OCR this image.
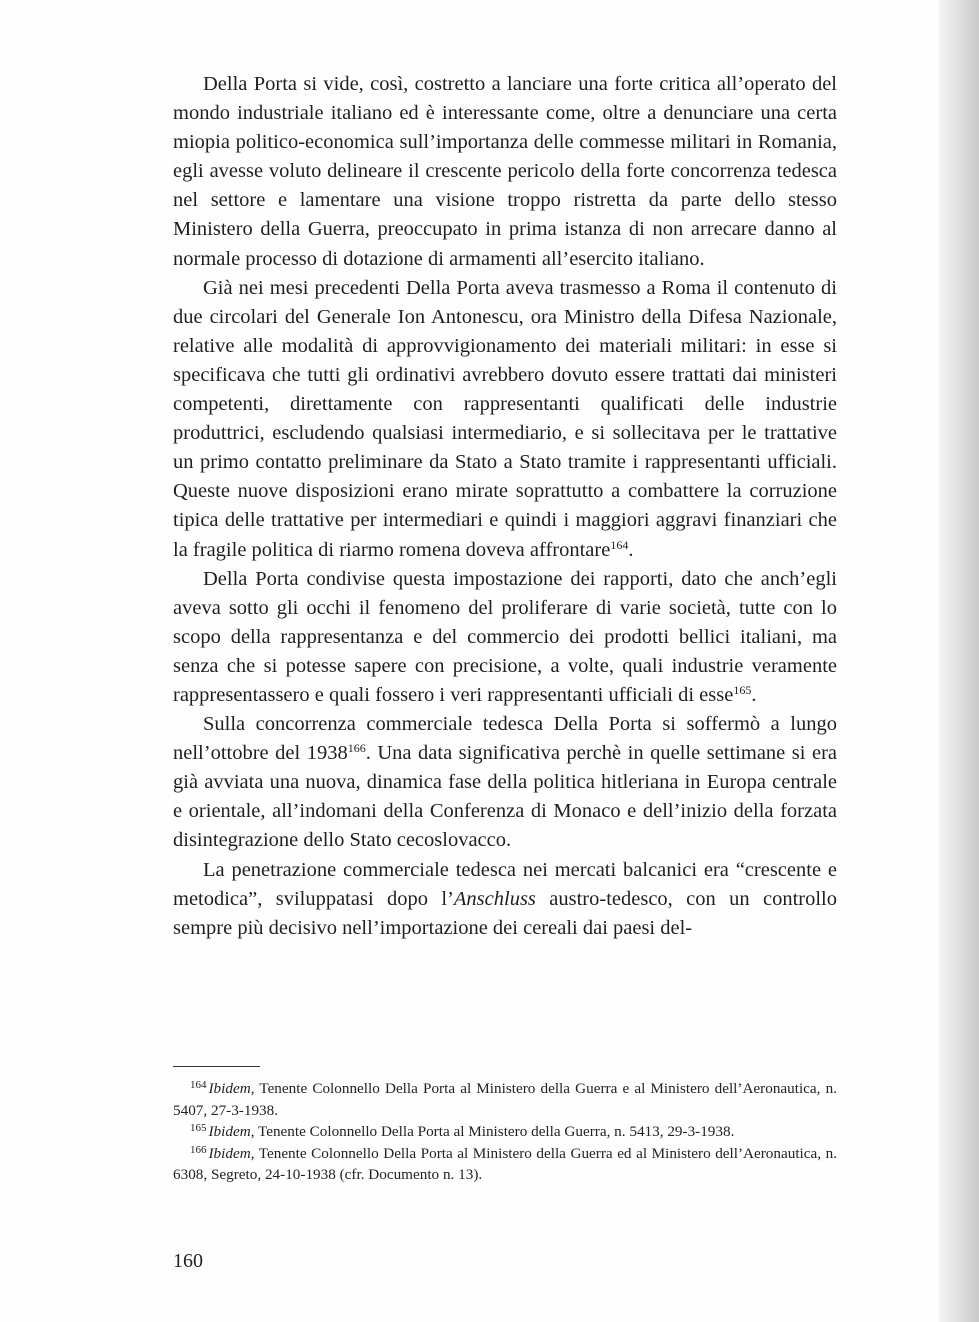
Della Porta si vide, così, costretto a lanciare una forte critica all’operato del mondo industriale italiano ed è interessante come, oltre a denunciare una certa miopia politico-economica sull’importanza delle commesse militari in Romania, egli avesse voluto delineare il crescente pericolo della forte concorrenza tedesca nel settore e lamentare una visione troppo ristretta da parte dello stesso Ministero della Guerra, preoccupato in prima istanza di non arrecare danno al normale processo di dotazione di armamenti all’esercito italiano.

Già nei mesi precedenti Della Porta aveva trasmesso a Roma il contenuto di due circolari del Generale Ion Antonescu, ora Ministro della Difesa Nazionale, relative alle modalità di approvvigionamento dei materiali militari: in esse si specificava che tutti gli ordinativi avrebbero dovuto essere trattati dai ministeri competenti, direttamente con rappresentanti qualificati delle industrie produttrici, escludendo qualsiasi intermediario, e si sollecitava per le trattative un primo contatto preliminare da Stato a Stato tramite i rappresentanti ufficiali. Queste nuove disposizioni erano mirate soprattutto a combattere la corruzione tipica delle trattative per intermediari e quindi i maggiori aggravi finanziari che la fragile politica di riarmo romena doveva affrontare$^{164}$.

Della Porta condivise questa impostazione dei rapporti, dato che anch’egli aveva sotto gli occhi il fenomeno del proliferare di varie società, tutte con lo scopo della rappresentanza e del commercio dei prodotti bellici italiani, ma senza che si potesse sapere con precisione, a volte, quali industrie veramente rappresentassero e quali fossero i veri rappresentanti ufficiali di esse$^{165}$.

Sulla concorrenza commerciale tedesca Della Porta si soffermò a lungo nell’ottobre del 1938$^{166}$. Una data significativa perchè in quelle settimane si era già avviata una nuova, dinamica fase della politica hitleriana in Europa centrale e orientale, all’indomani della Conferenza di Monaco e dell’inizio della forzata disintegrazione dello Stato cecoslovacco.

La penetrazione commerciale tedesca nei mercati balcanici era “crescente e metodica”, sviluppatasi dopo l’Anschluss austro-tedesco, con un controllo sempre più decisivo nell’importazione dei cereali dai paesi del-

$^{164}$ Ibidem, Tenente Colonnello Della Porta al Ministero della Guerra e al Ministero dell’Aeronautica, n. 5407, 27-3-1938.

$^{165}$ Ibidem, Tenente Colonnello Della Porta al Ministero della Guerra, n. 5413, 29-3-1938.

$^{166}$ Ibidem, Tenente Colonnello Della Porta al Ministero della Guerra ed al Ministero dell’Aeronautica, n. 6308, Segreto, 24-10-1938 (cfr. Documento n. 13).

160
